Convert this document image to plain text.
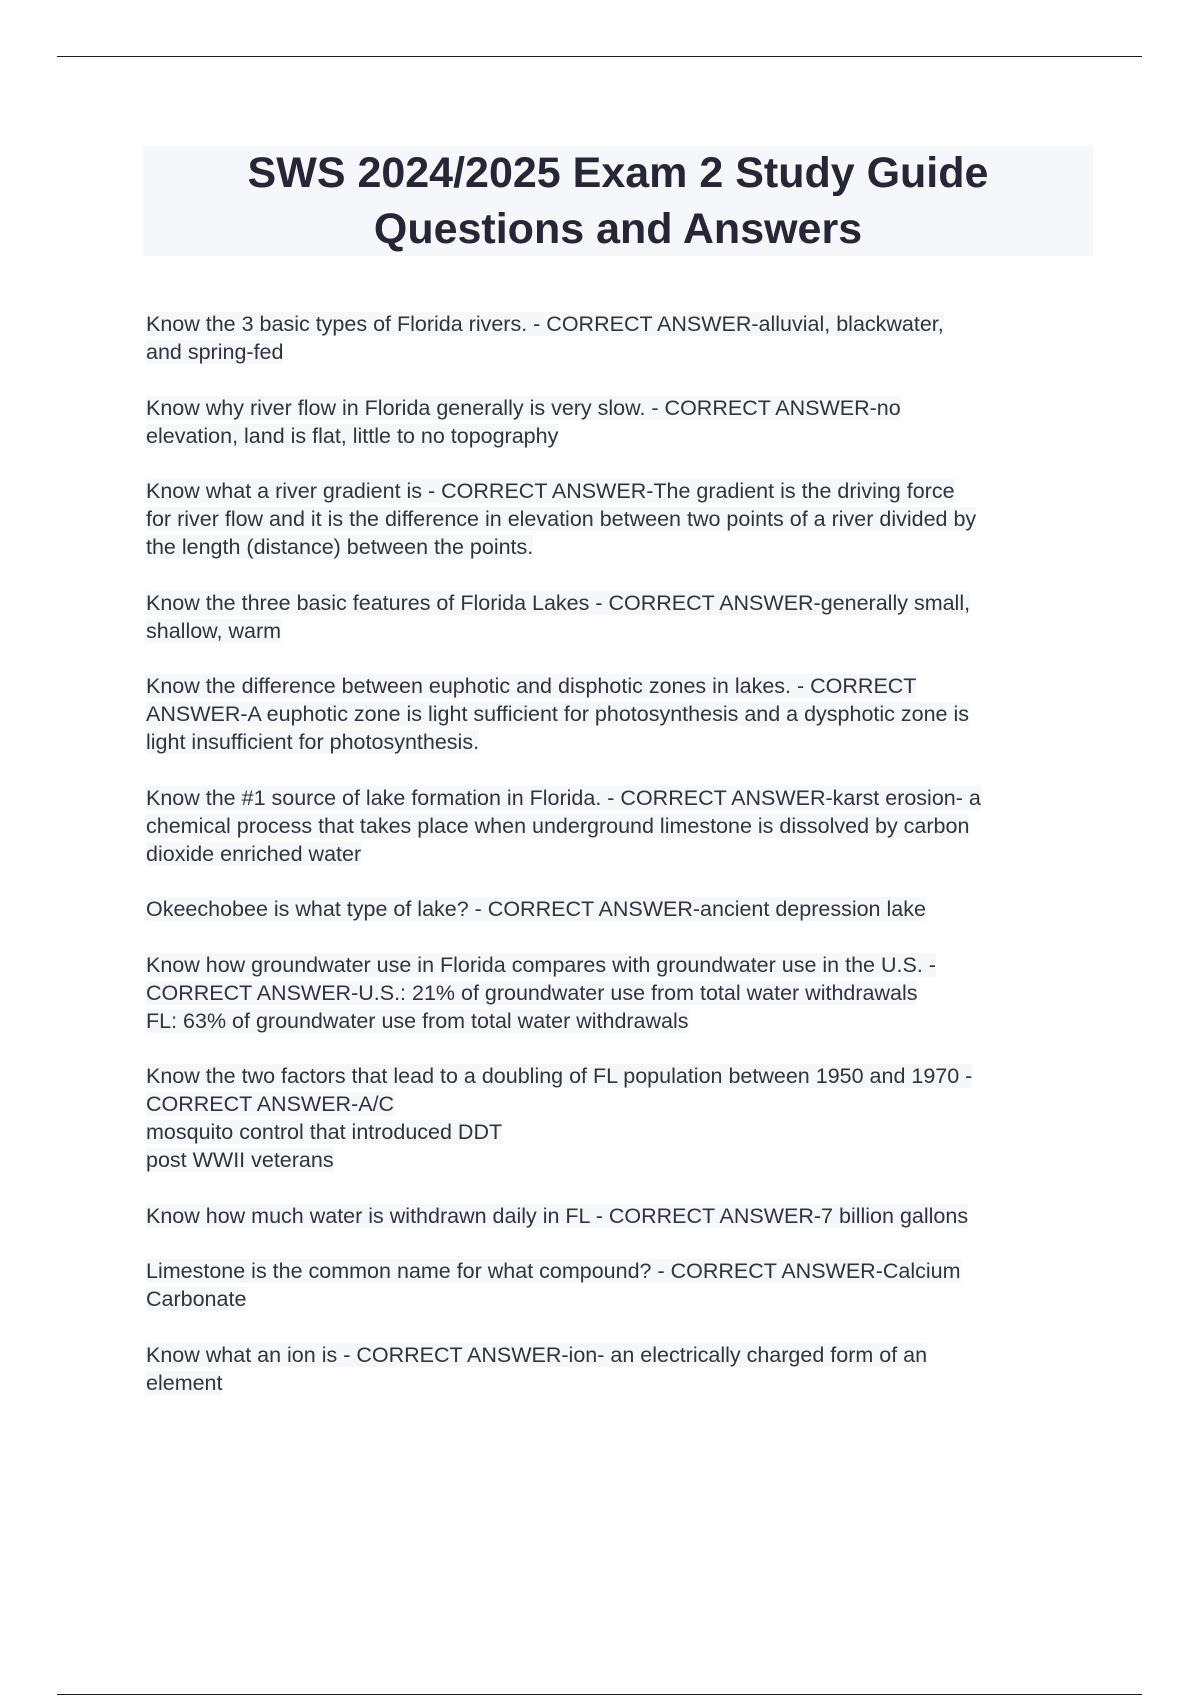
SWS 2024/2025 Exam 2 Study Guide
Questions and Answers
Know the 3 basic types of Florida rivers. - CORRECT ANSWER-alluvial, blackwater,
and spring-fed
Know why river flow in Florida generally is very slow. - CORRECT ANSWER-no
elevation, land is flat, little to no topography
Know what a river gradient is - CORRECT ANSWER-The gradient is the driving force
for river flow and it is the difference in elevation between two points of a river divided by
the length (distance) between the points.
Know the three basic features of Florida Lakes - CORRECT ANSWER-generally small,
shallow, warm
Know the difference between euphotic and disphotic zones in lakes. - CORRECT
ANSWER-A euphotic zone is light sufficient for photosynthesis and a dysphotic zone is
light insufficient for photosynthesis.
Know the #1 source of lake formation in Florida. - CORRECT ANSWER-karst erosion- a
chemical process that takes place when underground limestone is dissolved by carbon
dioxide enriched water
Okeechobee is what type of lake? - CORRECT ANSWER-ancient depression lake
Know how groundwater use in Florida compares with groundwater use in the U.S. -
CORRECT ANSWER-U.S.: 21% of groundwater use from total water withdrawals
FL: 63% of groundwater use from total water withdrawals
Know the two factors that lead to a doubling of FL population between 1950 and 1970 -
CORRECT ANSWER-A/C
mosquito control that introduced DDT
post WWII veterans
Know how much water is withdrawn daily in FL - CORRECT ANSWER-7 billion gallons
Limestone is the common name for what compound? - CORRECT ANSWER-Calcium
Carbonate
Know what an ion is - CORRECT ANSWER-ion- an electrically charged form of an
element
